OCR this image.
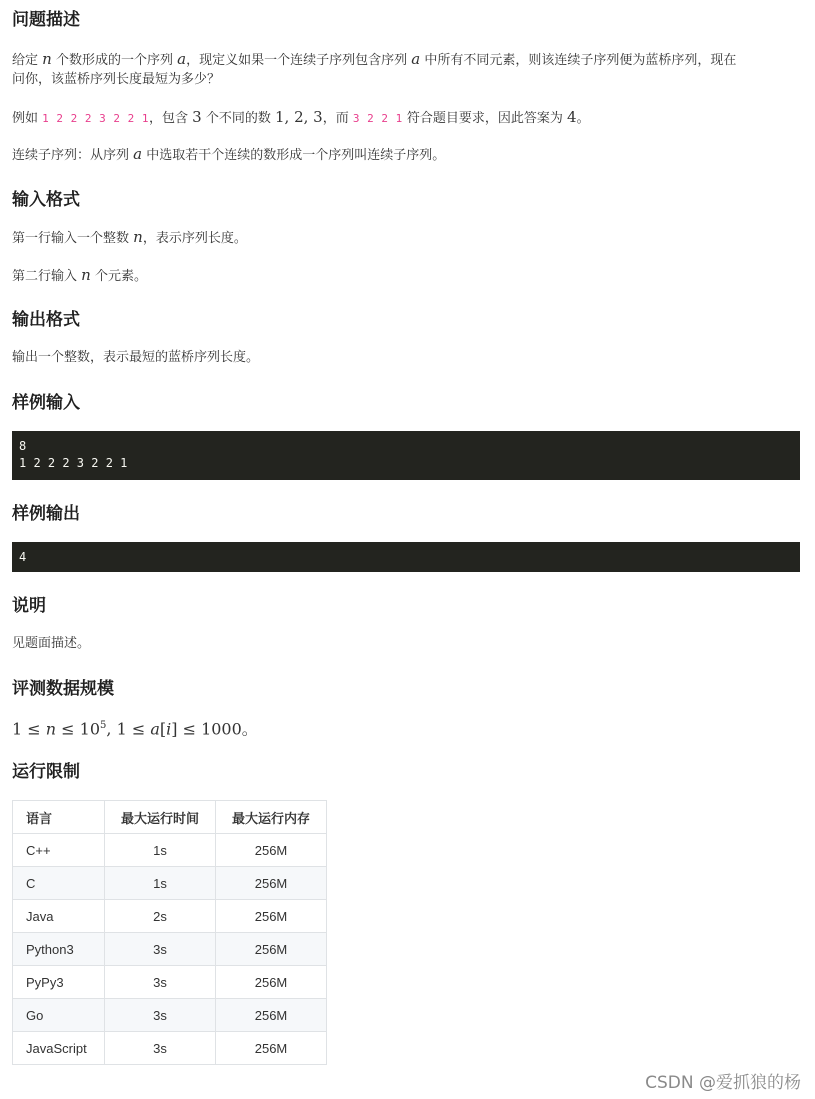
问题描述

给定 n 个数形成的一个序列 a，现定义如果一个连续子序列包含序列 a 中所有不同元素，则该连续子序列便为蓝桥序列，现在

问你，该蓝桥序列长度最短为多少？

例如 1 2 2 2 3 2 2 1，包含 3 个不同的数 1, 2, 3，而 3 2 2 1 符合题目要求，因此答案为 4。

连续子序列：从序列 a 中选取若干个连续的数形成一个序列叫连续子序列。

输入格式

第一行输入一个整数 n，表示序列长度。

第二行输入 n 个元素。

输出格式

输出一个整数，表示最短的蓝桥序列长度。

样例输入
8
1 2 2 2 3 2 2 1
样例输出
4
说明

见题面描述。

评测数据规模

$1 \le n \le 10^5$, 1 ≤ a[i] ≤ 1000。

运行限制
语言	最大运行时间	最大运行内存
C++	1s	256M
C	1s	256M
Java	2s	256M
Python3	3s	256M
PyPy3	3s	256M
Go	3s	256M
JavaScript	3s	256M
CSDN @爱抓狼的杨
